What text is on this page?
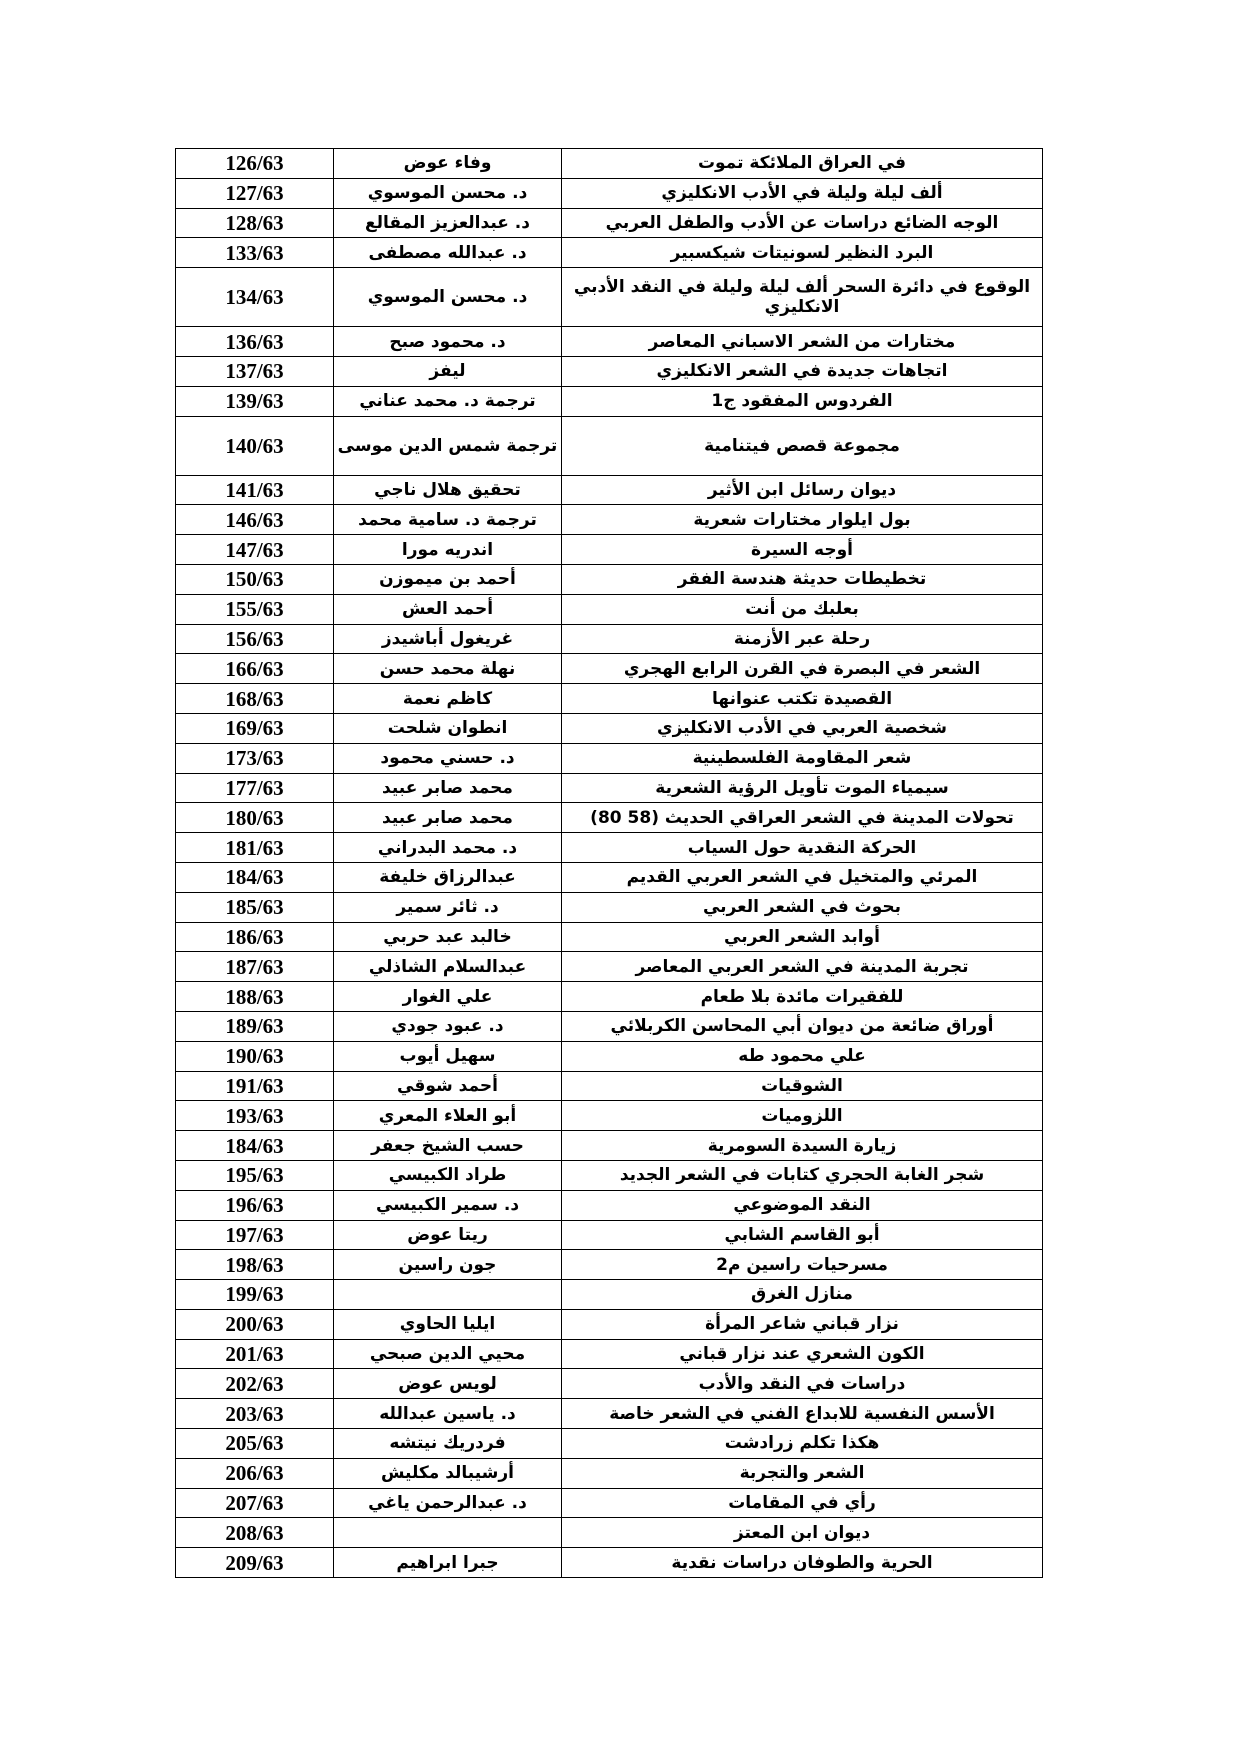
في العراق الملائكة تموت	وفاء عوض	126/63
ألف ليلة وليلة في الأدب الانكليزي	د. محسن الموسوي	127/63
الوجه الضائع دراسات عن الأدب والطفل العربي	د. عبدالعزيز المقالع	128/63
البرد النظير لسونيتات شيكسبير	د. عبدالله مصطفى	133/63
الوقوع في دائرة السحر ألف ليلة وليلة في النقد الأدبي الانكليزي	د. محسن الموسوي	134/63
مختارات من الشعر الاسباني المعاصر	د. محمود صبح	136/63
اتجاهات جديدة في الشعر الانكليزي	ليفز	137/63
الفردوس المفقود ج1	ترجمة د. محمد عناني	139/63
مجموعة قصص فيتنامية	ترجمة شمس الدين موسى	140/63
ديوان رسائل ابن الأثير	تحقيق هلال ناجي	141/63
بول ايلوار مختارات شعرية	ترجمة د. سامية محمد	146/63
أوجه السيرة	اندريه مورا	147/63
تخطيطات حديثة هندسة الفقر	أحمد بن ميموزن	150/63
بعلبك من أنت	أحمد العش	155/63
رحلة عبر الأزمنة	غريغول أباشيدز	156/63
الشعر في البصرة في القرن الرابع الهجري	نهلة محمد حسن	166/63
القصيدة تكتب عنوانها	كاظم نعمة	168/63
شخصية العربي في الأدب الانكليزي	انطوان شلحت	169/63
شعر المقاومة الفلسطينية	د. حسني محمود	173/63
سيمياء الموت تأويل الرؤية الشعرية	محمد صابر عبيد	177/63
تحولات المدينة في الشعر العراقي الحديث (58 80)	محمد صابر عبيد	180/63
الحركة النقدية حول السياب	د. محمد البدراني	181/63
المرئي والمتخيل في الشعر العربي القديم	عبدالرزاق خليفة	184/63
بحوث في الشعر العربي	د. ثائر سمير	185/63
أوابد الشعر العربي	خالبد عبد حربي	186/63
تجربة المدينة في الشعر العربي المعاصر	عبدالسلام الشاذلي	187/63
للفقيرات مائدة بلا طعام	علي الغوار	188/63
أوراق ضائعة من ديوان أبي المحاسن الكربلائي	د. عبود جودي	189/63
علي محمود طه	سهيل أيوب	190/63
الشوقيات	أحمد شوقي	191/63
اللزوميات	أبو العلاء المعري	193/63
زيارة السيدة السومرية	حسب الشيخ جعفر	184/63
شجر الغابة الحجري كتابات في الشعر الجديد	طراد الكبيسي	195/63
النقد الموضوعي	د. سمير الكبيسي	196/63
أبو القاسم الشابي	ريتا عوض	197/63
مسرحيات راسين م2	جون راسين	198/63
منازل الغرق		199/63
نزار قباني شاعر المرأة	ايليا الحاوي	200/63
الكون الشعري عند نزار قباني	محيي الدين صبحي	201/63
دراسات في النقد والأدب	لويس عوض	202/63
الأسس النفسية للابداع الفني في الشعر خاصة	د. ياسين عبدالله	203/63
هكذا تكلم زرادشت	فردريك نيتشه	205/63
الشعر والتجربة	أرشيبالد مكليش	206/63
رأي في المقامات	د. عبدالرحمن ياغي	207/63
ديوان ابن المعتز		208/63
الحرية والطوفان دراسات نقدية	جبرا ابراهيم	209/63
